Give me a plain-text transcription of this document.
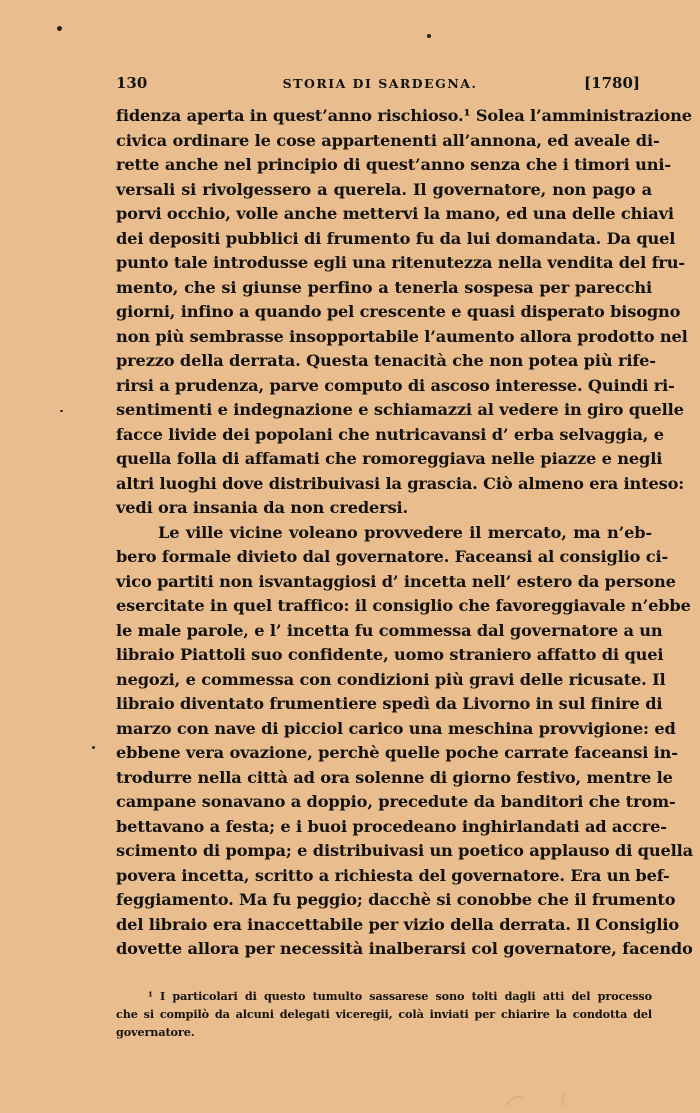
130	STORIA DI SARDEGNA.	[1780]
fidenza aperta in quest’anno rischioso.¹ Solea l’amministrazione
civica ordinare le cose appartenenti all’annona, ed aveale di-
rette anche nel principio di quest’anno senza che i timori uni-
versali si rivolgessero a querela. Il governatore, non pago a
porvi occhio, volle anche mettervi la mano, ed una delle chiavi
dei depositi pubblici di frumento fu da lui domandata. Da quel
punto tale introdusse egli una ritenutezza nella vendita del fru-
mento, che si giunse perfino a tenerla sospesa per parecchi
giorni, infino a quando pel crescente e quasi disperato bisogno
non più sembrasse insopportabile l’aumento allora prodotto nel
prezzo della derrata. Questa tenacità che non potea più rife-
rirsi a prudenza, parve computo di ascoso interesse. Quindi ri-
sentimenti e indegnazione e schiamazzi al vedere in giro quelle
facce livide dei popolani che nutricavansi d’ erba selvaggia, e
quella folla di affamati che romoreggiava nelle piazze e negli
altri luoghi dove distribuivasi la grascia. Ciò almeno era inteso:
vedi ora insania da non credersi.
Le ville vicine voleano provvedere il mercato, ma n’eb-
bero formale divieto dal governatore. Faceansi al consiglio ci-
vico partiti non isvantaggiosi d’ incetta nell’ estero da persone
esercitate in quel traffico: il consiglio che favoreggiavale n’ebbe
le male parole, e l’ incetta fu commessa dal governatore a un
libraio Piattoli suo confidente, uomo straniero affatto di quei
negozi, e commessa con condizioni più gravi delle ricusate. Il
libraio diventato frumentiere spedì da Livorno in sul finire di
marzo con nave di picciol carico una meschina provvigione: ed
ebbene vera ovazione, perchè quelle poche carrate faceansi in-
trodurre nella città ad ora solenne di giorno festivo, mentre le
campane sonavano a doppio, precedute da banditori che trom-
bettavano a festa; e i buoi procedeano inghirlandati ad accre-
scimento di pompa; e distribuivasi un poetico applauso di quella
povera incetta, scritto a richiesta del governatore. Era un bef-
feggiamento. Ma fu peggio; dacchè si conobbe che il frumento
del libraio era inaccettabile per vizio della derrata. Il Consiglio
dovette allora per necessità inalberarsi col governatore, facendo
¹ I particolari di questo tumulto sassarese sono tolti dagli atti del processo
che si compilò da alcuni delegati viceregii, colà inviati per chiarire la condotta del
governatore.
